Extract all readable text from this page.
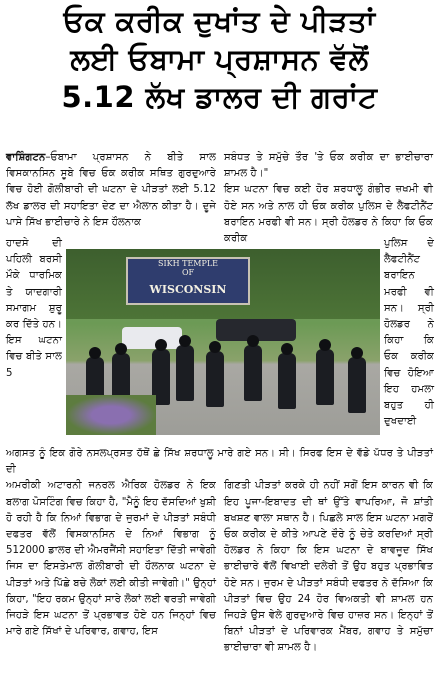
ਓਕ ਕਰੀਕ ਦੁਖਾਂਤ ਦੇ ਪੀੜਤਾਂ
ਲਈ ਓਬਾਮਾ ਪ੍ਰਸ਼ਾਸਨ ਵੱਲੋਂ
5.12 ਲੱਖ ਡਾਲਰ ਦੀ ਗਰਾਂਟ

ਵਾਸ਼ਿੰਗਟਨ–ਓਬਾਮਾ ਪ੍ਰਸ਼ਾਸਨ ਨੇ ਬੀਤੇ ਸਾਲ ਵਿਸਕਾਨਸਿਨ ਸੂਬੇ ਵਿਚ ਓਕ ਕਰੀਕ ਸਥਿਤ ਗੁਰਦੁਆਰੇ ਵਿਚ ਹੋਈ ਗੋਲੀਬਾਰੀ ਦੀ ਘਟਨਾ ਦੇ ਪੀੜਤਾਂ ਲਈ 5.12 ਲੱਖ ਡਾਲਰ ਦੀ ਸਹਾਇਤਾ ਦੇਣ ਦਾ ਐਲਾਨ ਕੀਤਾ ਹੈ। ਦੂਜੇ ਪਾਸੇ ਸਿੱਖ ਭਾਈਚਾਰੇ ਨੇ ਇਸ ਹੌਲਨਾਕ

ਸਬੰਧਤ ਤੇ ਸਮੁੱਚੇ ਤੌਰ 'ਤੇ ਓਕ ਕਰੀਕ ਦਾ ਭਾਈਚਾਰਾ ਸ਼ਾਮਲ ਹੈ।"

ਇਸ ਘਟਨਾ ਵਿਚ ਕਈ ਹੋਰ ਸ਼ਰਧਾਲੂ ਗੰਭੀਰ ਜ਼ਖਮੀ ਵੀ ਹੋਏ ਸਨ ਅਤੇ ਨਾਲ ਹੀ ਓਕ ਕਰੀਕ ਪੁਲਿਸ ਦੇ ਲੈਫਟੀਨੈਂਟ ਬਰਾਇਨ ਮਰਫੀ ਵੀ ਸਨ। ਸ੍ਰੀ ਹੋਲਡਰ ਨੇ ਕਿਹਾ ਕਿ ਓਕ ਕਰੀਕ

ਹਾਦਸੇ ਦੀ ਪਹਿਲੀ ਬਰਸੀ ਮੌਕੇ ਧਾਰਮਿਕ ਤੇ ਯਾਦਗਾਰੀ ਸਮਾਗਮ ਸ਼ੁਰੂ ਕਰ ਦਿੱਤੇ ਹਨ। ਇਸ ਘਟਨਾ ਵਿਚ ਬੀਤੇ ਸਾਲ 5
ਪੁਲਿਸ ਦੇ ਲੈਫਟੀਨੈਂਟ ਬਰਾਇਨ ਮਰਫੀ ਵੀ ਸਨ। ਸ੍ਰੀ ਹੋਲਡਰ ਨੇ ਕਿਹਾ ਕਿ ਓਕ ਕਰੀਕ ਵਿਚ ਹੋਇਆ ਇਹ ਹਮਲਾ ਬਹੁਤ ਹੀ ਦੁਖਦਾਈ
SIKH TEMPLE
OF
WISCONSIN

ਅਗਸਤ ਨੂੰ ਇਕ ਗੋਰੇ ਨਸਲਪ੍ਰਸਤ ਹੱਥੋਂ ਛੇ ਸਿੱਖ ਸ਼ਰਧਾਲੂ ਮਾਰੇ ਗਏ ਸਨ। ਸੀ। ਸਿਰਫ ਇਸ ਦੇ ਵੱਡੇ ਪੱਧਰ ਤੇ ਪੀੜਤਾਂ ਦੀ

ਅਮਰੀਕੀ ਅਟਾਰਨੀ ਜਨਰਲ ਐਰਿਕ ਹੋਲਡਰ ਨੇ ਇਕ ਬਲਾਗ ਪੋਸਟਿੰਗ ਵਿਚ ਕਿਹਾ ਹੈ, "ਮੈਨੂੰ ਇਹ ਦੱਸਦਿਆਂ ਖੁਸ਼ੀ ਹੋ ਰਹੀ ਹੈ ਕਿ ਨਿਆਂ ਵਿਭਾਗ ਦੇ ਜੁਰਮਾਂ ਦੇ ਪੀੜਤਾਂ ਸਬੰਧੀ ਦਫਤਰ ਵੱਲੋਂ ਵਿਸਕਾਨਸਿਨ ਦੇ ਨਿਆਂ ਵਿਭਾਗ ਨੂੰ 512000 ਡਾਲਰ ਦੀ ਐਮਰਜੈਂਸੀ ਸਹਾਇਤਾ ਦਿੱਤੀ ਜਾਵੇਗੀ ਜਿਸ ਦਾ ਇਸਤੇਮਾਲ ਗੋਲੀਬਾਰੀ ਦੀ ਹੌਲਨਾਕ ਘਟਨਾ ਦੇ ਪੀੜਤਾਂ ਅਤੇ ਪਿੱਛੇ ਬਚੇ ਲੋਕਾਂ ਲਈ ਕੀਤੀ ਜਾਵੇਗੀ।" ਉਨ੍ਹਾਂ ਕਿਹਾ, "ਇਹ ਰਕਮ ਉਨ੍ਹਾਂ ਸਾਰੇ ਲੋਕਾਂ ਲਈ ਵਰਤੀ ਜਾਵੇਗੀ ਜਿਹੜੇ ਇਸ ਘਟਨਾ ਤੋਂ ਪ੍ਰਭਾਵਤ ਹੋਏ ਹਨ ਜਿਨ੍ਹਾਂ ਵਿਚ ਮਾਰੇ ਗਏ ਸਿੱਖਾਂ ਦੇ ਪਰਿਵਾਰ, ਗਵਾਹ, ਇਸ

ਗਿਣਤੀ ਪੀੜਤਾਂ ਕਰਕੇ ਹੀ ਨਹੀਂ ਸਗੋਂ ਇਸ ਕਾਰਨ ਵੀ ਕਿ ਇਹ ਪੂਜਾ-ਇਬਾਦਤ ਦੀ ਥਾਂ ਉੱਤੇ ਵਾਪਰਿਆ, ਜੋ ਸ਼ਾਂਤੀ ਬਖਸ਼ਣ ਵਾਲਾ ਸਥਾਨ ਹੈ। ਪਿਛਲੇ ਸਾਲ ਇਸ ਘਟਨਾ ਮਗਰੋਂ ਓਕ ਕਰੀਕ ਦੇ ਕੀਤੇ ਆਪਣੇ ਦੌਰੇ ਨੂੰ ਚੇਤੇ ਕਰਦਿਆਂ ਸ੍ਰੀ ਹੋਲਡਰ ਨੇ ਕਿਹਾ ਕਿ ਇਸ ਘਟਨਾ ਦੇ ਬਾਵਜੂਦ ਸਿੱਖ ਭਾਈਚਾਰੇ ਵੱਲੋਂ ਵਿਖਾਈ ਦਲੇਰੀ ਤੋਂ ਉਹ ਬਹੁਤ ਪ੍ਰਭਾਵਿਤ ਹੋਏ ਸਨ। ਜੁਰਮ ਦੇ ਪੀੜਤਾਂ ਸਬੰਧੀ ਦਫਤਰ ਨੇ ਦੱਸਿਆ ਕਿ ਪੀੜਤਾਂ ਵਿਚ ਉਹ 24 ਹੋਰ ਵਿਅਕਤੀ ਵੀ ਸ਼ਾਮਲ ਹਨ ਜਿਹੜੇ ਉਸ ਵੇਲੇ ਗੁਰਦੁਆਰੇ ਵਿਚ ਹਾਜ਼ਰ ਸਨ। ਇਨ੍ਹਾਂ ਤੋਂ ਬਿਨਾਂ ਪੀੜਤਾਂ ਦੇ ਪਰਿਵਾਰਕ ਮੈਂਬਰ, ਗਵਾਹ ਤੇ ਸਮੁੱਚਾ ਭਾਈਚਾਰਾ ਵੀ ਸ਼ਾਮਲ ਹੈ।
